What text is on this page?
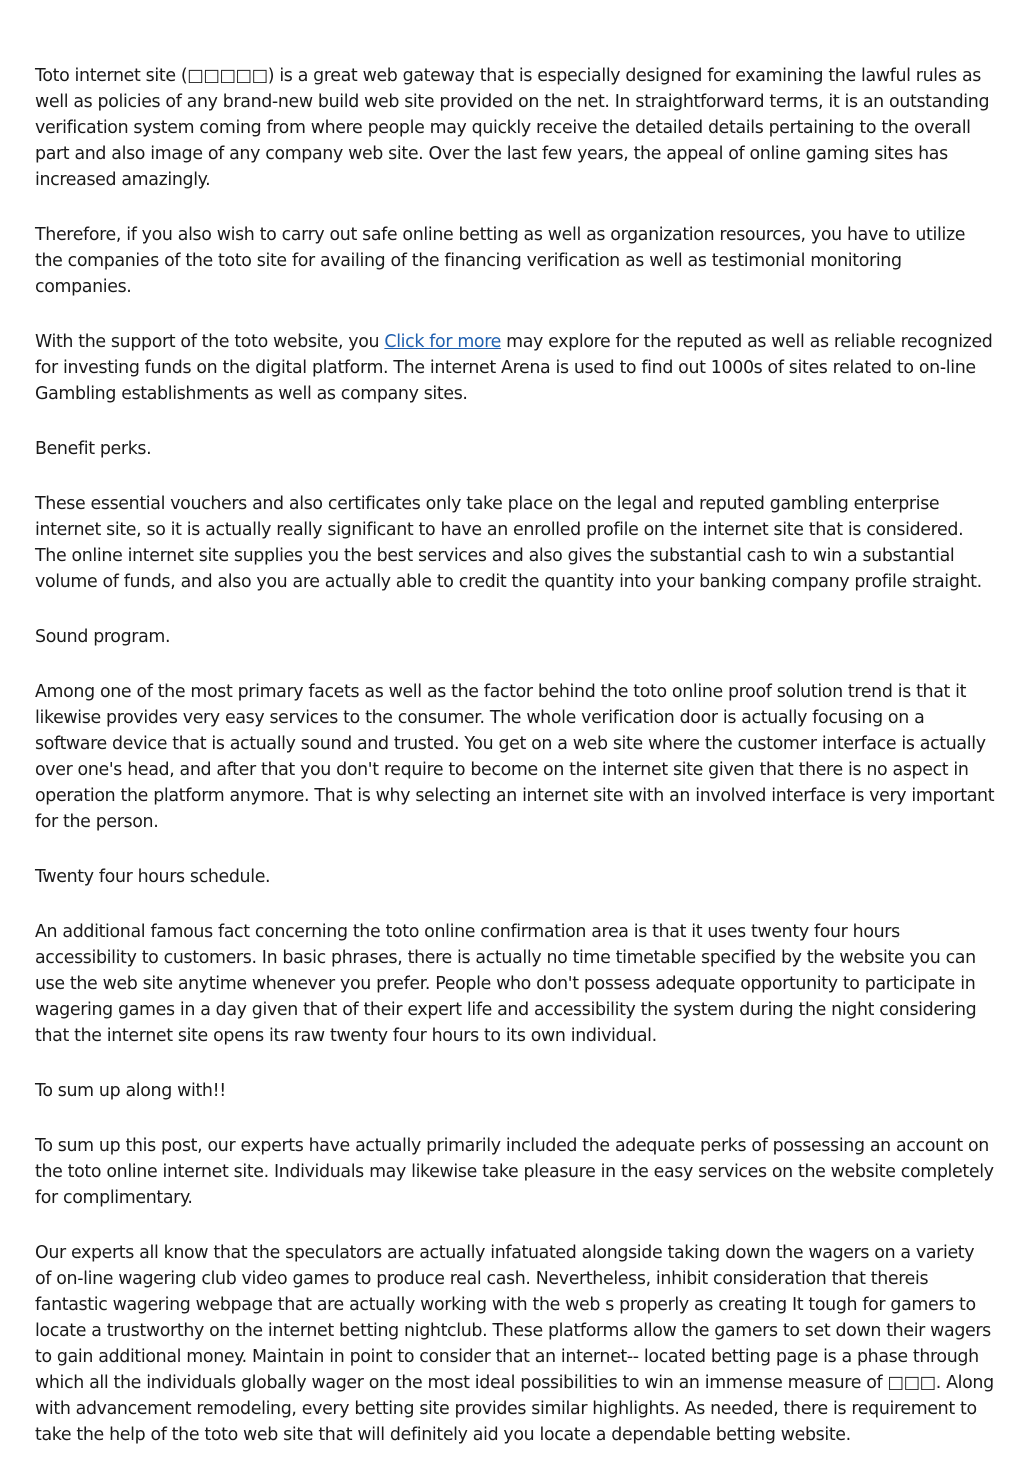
Toto internet site (□□□□□) is a great web gateway that is especially designed for examining the lawful rules as well as policies of any brand-new build web site provided on the net. In straightforward terms, it is an outstanding verification system coming from where people may quickly receive the detailed details pertaining to the overall part and also image of any company web site. Over the last few years, the appeal of online gaming sites has increased amazingly.

Therefore, if you also wish to carry out safe online betting as well as organization resources, you have to utilize the companies of the toto site for availing of the financing verification as well as testimonial monitoring companies.

With the support of the toto website, you Click for more may explore for the reputed as well as reliable recognized for investing funds on the digital platform. The internet Arena is used to find out 1000s of sites related to on-line Gambling establishments as well as company sites.

Benefit perks.

These essential vouchers and also certificates only take place on the legal and reputed gambling enterprise internet site, so it is actually really significant to have an enrolled profile on the internet site that is considered. The online internet site supplies you the best services and also gives the substantial cash to win a substantial volume of funds, and also you are actually able to credit the quantity into your banking company profile straight.

Sound program.

Among one of the most primary facets as well as the factor behind the toto online proof solution trend is that it likewise provides very easy services to the consumer. The whole verification door is actually focusing on a software device that is actually sound and trusted. You get on a web site where the customer interface is actually over one's head, and after that you don't require to become on the internet site given that there is no aspect in operation the platform anymore. That is why selecting an internet site with an involved interface is very important for the person.

Twenty four hours schedule.

An additional famous fact concerning the toto online confirmation area is that it uses twenty four hours accessibility to customers. In basic phrases, there is actually no time timetable specified by the website you can use the web site anytime whenever you prefer. People who don't possess adequate opportunity to participate in wagering games in a day given that of their expert life and accessibility the system during the night considering that the internet site opens its raw twenty four hours to its own individual.

To sum up along with!!

To sum up this post, our experts have actually primarily included the adequate perks of possessing an account on the toto online internet site. Individuals may likewise take pleasure in the easy services on the website completely for complimentary.

Our experts all know that the speculators are actually infatuated alongside taking down the wagers on a variety of on-line wagering club video games to produce real cash. Nevertheless, inhibit consideration that thereis fantastic wagering webpage that are actually working with the web s properly as creating It tough for gamers to locate a trustworthy on the internet betting nightclub. These platforms allow the gamers to set down their wagers to gain additional money. Maintain in point to consider that an internet-- located betting page is a phase through which all the individuals globally wager on the most ideal possibilities to win an immense measure of □□□. Along with advancement remodeling, every betting site provides similar highlights. As needed, there is requirement to take the help of the toto web site that will definitely aid you locate a dependable betting website.
